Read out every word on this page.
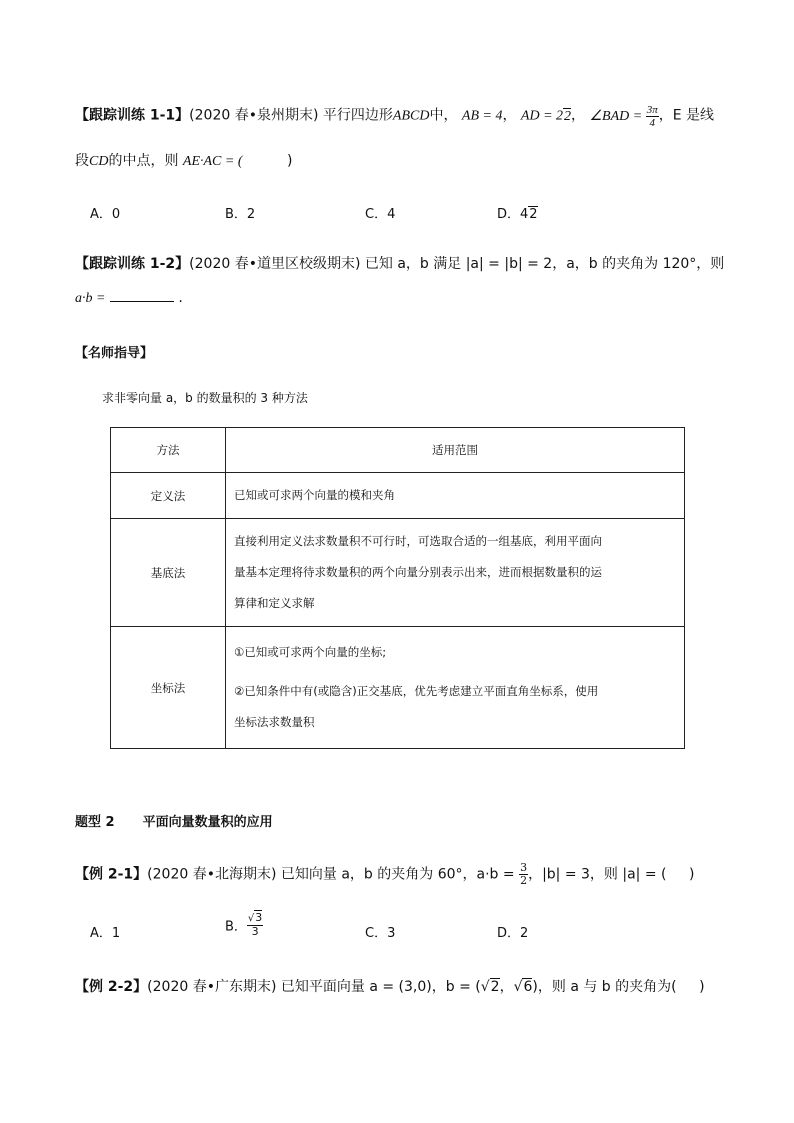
【跟踪训练 1-1】(2020 春•泉州期末) 平行四边形ABCD中， AB = 4， AD = 22， ∠BAD = $\frac{3\pi}{4}$ ，E 是线
段CD的中点，则 AE·AC = (	)
A．0	B．2	C．4	D．42
【跟踪训练 1-2】(2020 春•道里区校级期末) 已知 a，b 满足 |a| = |b| = 2，a，b 的夹角为 120°，则
a·b =	.
【名师指导】
求非零向量 a，b 的数量积的 3 种方法
方法	适用范围
定义法	已知或可求两个向量的模和夹角

基底法	直接利用定义法求数量积不可行时，可选取合适的一组基底，利用平面向
量基本定理将待求数量积的两个向量分别表示出来，进而根据数量积的运
算律和定义求解

坐标法	①已知或可求两个向量的坐标;
②已知条件中有(或隐含)正交基底，优先考虑建立平面直角坐标系，使用
坐标法求数量积
题型 2 平面向量数量积的应用
【例 2-1】(2020 春•北海期末) 已知向量 a，b 的夹角为 60°，$a\cdot b = \frac{3}{2}$ ，|b| = 3，则 |a| = ( )
A．1	B． $\frac{√3}{3}$	C．3	D．2
【例 2-2】(2020 春•广东期末) 已知平面向量 a = (3,0)，b = (√2，√6)，则 a 与 b 的夹角为( )
